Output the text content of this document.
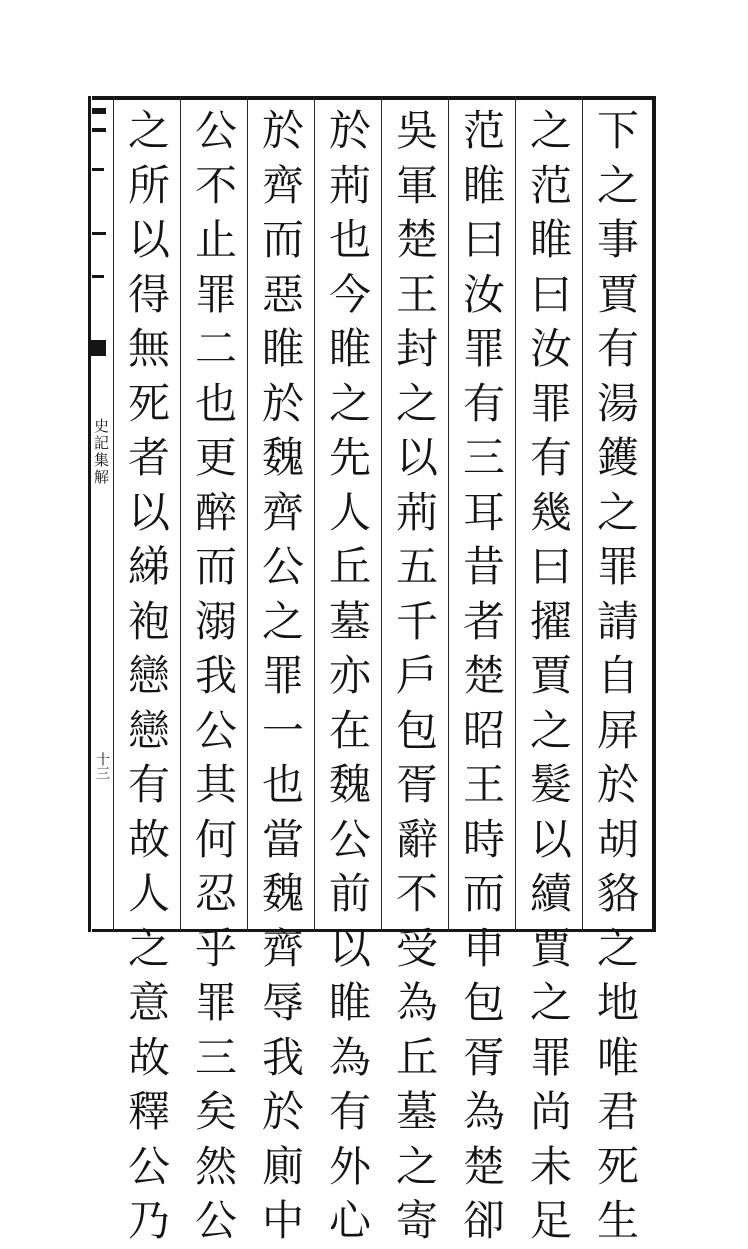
下
之
事
賈
有
湯
鑊
之
罪
請
自
屏
於
胡
貉
之
地
唯
君
死
生
之
范
睢
曰
汝
罪
有
幾
曰
擢
賈
之
髮
以
續
賈
之
罪
尚
未
足
范
睢
曰
汝
罪
有
三
耳
昔
者
楚
昭
王
時
而
申
包
胥
為
楚
卻
吳
軍
楚
王
封
之
以
荊
五
千
戶
包
胥
辭
不
受
為
丘
墓
之
寄
於
荊
也
今
睢
之
先
人
丘
墓
亦
在
魏
公
前
以
睢
為
有
外
心
於
齊
而
惡
睢
於
魏
齊
公
之
罪
一
也
當
魏
齊
辱
我
於
廁
中
公
不
止
罪
二
也
更
醉
而
溺
我
公
其
何
忍
乎
罪
三
矣
然
公
之
所
以
得
無
死
者
以
綈
袍
戀
戀
有
故
人
之
意
故
釋
公
乃
史記集解
十三
